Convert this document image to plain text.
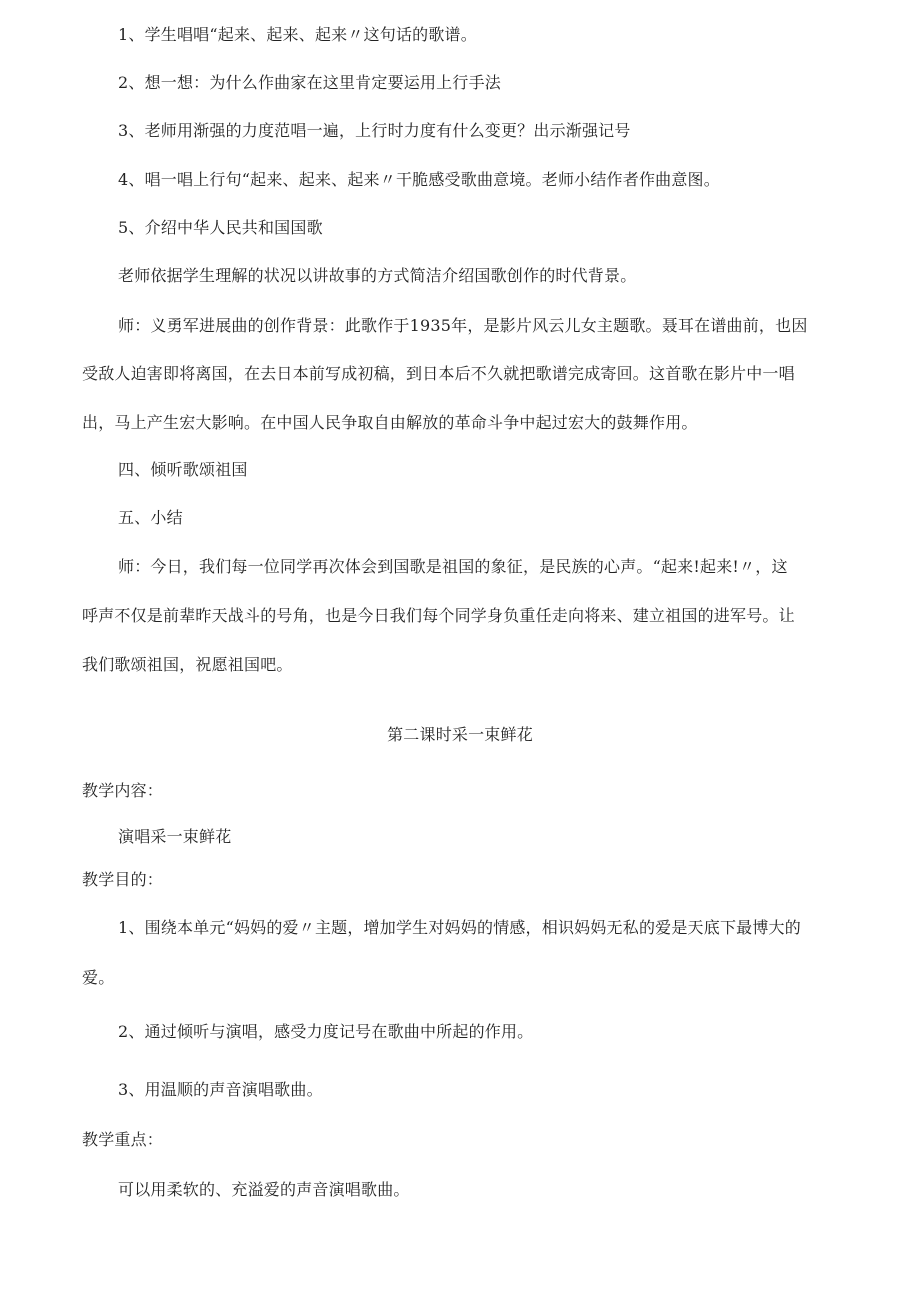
1、学生唱唱“起来、起来、起来〃这句话的歌谱。
2、想一想：为什么作曲家在这里肯定要运用上行手法
3、老师用渐强的力度范唱一遍，上行时力度有什么变更？出示渐强记号
4、唱一唱上行句“起来、起来、起来〃干脆感受歌曲意境。老师小结作者作曲意图。
5、介绍中华人民共和国国歌
老师依据学生理解的状况以讲故事的方式简洁介绍国歌创作的时代背景。
师：义勇军进展曲的创作背景：此歌作于1935年，是影片风云儿女主题歌。聂耳在谱曲前，也因
受敌人迫害即将离国，在去日本前写成初稿，到日本后不久就把歌谱完成寄回。这首歌在影片中一唱
出，马上产生宏大影响。在中国人民争取自由解放的革命斗争中起过宏大的鼓舞作用。
四、倾听歌颂祖国
五、小结
师：今日，我们每一位同学再次体会到国歌是祖国的象征，是民族的心声。“起来!起来!〃，这
呼声不仅是前辈昨天战斗的号角，也是今日我们每个同学身负重任走向将来、建立祖国的进军号。让
我们歌颂祖国，祝愿祖国吧。
第二课时采一束鲜花
教学内容：
演唱采一束鲜花
教学目的：
1、围绕本单元“妈妈的爱〃主题，增加学生对妈妈的情感，相识妈妈无私的爱是天底下最博大的
爱。
2、通过倾听与演唱，感受力度记号在歌曲中所起的作用。
3、用温顺的声音演唱歌曲。
教学重点：
可以用柔软的、充溢爱的声音演唱歌曲。
